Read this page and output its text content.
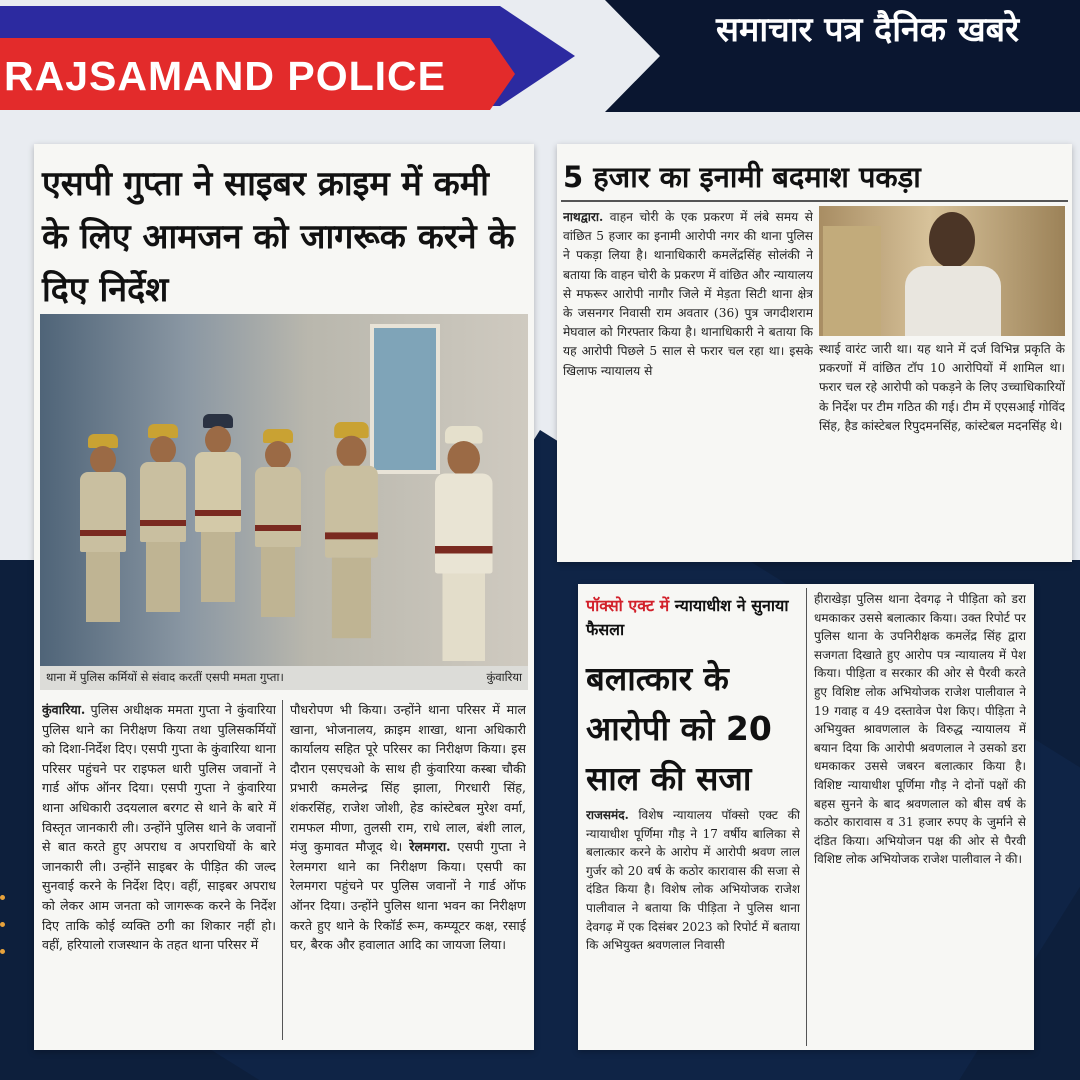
RAJSAMAND POLICE
समाचार पत्र दैनिक खबरे
एसपी गुप्ता ने साइबर क्राइम में कमी के लिए आमजन को जागरूक करने के दिए निर्देश
थाना में पुलिस कर्मियों से संवाद करतीं एसपी ममता गुप्ता।	कुंवारिया
कुंवारिया. पुलिस अधीक्षक ममता गुप्ता ने कुंवारिया पुलिस थाने का निरीक्षण किया तथा पुलिसकर्मियों को दिशा-निर्देश दिए। एसपी गुप्ता के कुंवारिया थाना परिसर पहुंचने पर राइफल धारी पुलिस जवानों ने गार्ड ऑफ ऑनर दिया। एसपी गुप्ता ने कुंवारिया थाना अधिकारी उदयलाल बरगट से थाने के बारे में विस्तृत जानकारी ली। उन्होंने पुलिस थाने के जवानों से बात करते हुए अपराध व अपराधियों के बारे जानकारी ली। उन्होंने साइबर के पीड़ित की जल्द सुनवाई करने के निर्देश दिए। वहीं, साइबर अपराध को लेकर आम जनता को जागरूक करने के निर्देश दिए ताकि कोई व्यक्ति ठगी का शिकार नहीं हो। वहीं, हरियालो राजस्थान के तहत थाना परिसर में
पौधरोपण भी किया। उन्होंने थाना परिसर में माल खाना, भोजनालय, क्राइम शाखा, थाना अधिकारी कार्यालय सहित पूरे परिसर का निरीक्षण किया। इस दौरान एसएचओ के साथ ही कुंवारिया कस्बा चौकी प्रभारी कमलेन्द्र सिंह झाला, गिरधारी सिंह, शंकरसिंह, राजेश जोशी, हेड कांस्टेबल मुरेश वर्मा, रामफल मीणा, तुलसी राम, राधे लाल, बंशी लाल, मंजु कुमावत मौजूद थे। रेलमगरा. एसपी गुप्ता ने रेलमगरा थाने का निरीक्षण किया। एसपी का रेलमगरा पहुंचने पर पुलिस जवानों ने गार्ड ऑफ ऑनर दिया। उन्होंने पुलिस थाना भवन का निरीक्षण करते हुए थाने के रिकॉर्ड रूम, कम्प्यूटर कक्ष, रसाई घर, बैरक और हवालात आदि का जायजा लिया।
5 हजार का इनामी बदमाश पकड़ा
नाथद्वारा. वाहन चोरी के एक प्रकरण में लंबे समय से वांछित 5 हजार का इनामी आरोपी नगर की थाना पुलिस ने पकड़ा लिया है। थानाधिकारी कमलेंद्रसिंह सोलंकी ने बताया कि वाहन चोरी के प्रकरण में वांछित और न्यायालय से मफरूर आरोपी नागौर जिले में मेड़ता सिटी थाना क्षेत्र के जसनगर निवासी राम अवतार (36) पुत्र जगदीशराम मेघवाल को गिरफ्तार किया है। थानाधिकारी ने बताया कि यह आरोपी पिछले 5 साल से फरार चल रहा था। इसके खिलाफ न्यायालय से
स्थाई वारंट जारी था। यह थाने में दर्ज विभिन्न प्रकृति के प्रकरणों में वांछित टॉप 10 आरोपियों में शामिल था। फरार चल रहे आरोपी को पकड़ने के लिए उच्चाधिकारियों के निर्देश पर टीम गठित की गई। टीम में एएसआई गोविंद सिंह, हैड कांस्टेबल रिपुदमनसिंह, कांस्टेबल मदनसिंह थे।
पॉक्सो एक्ट में न्यायाधीश ने सुनाया फैसला
बलात्कार के आरोपी को 20 साल की सजा
राजसमंद. विशेष न्यायालय पॉक्सो एक्ट की न्यायाधीश पूर्णिमा गौड़ ने 17 वर्षीय बालिका से बलात्कार करने के आरोप में आरोपी श्रवण लाल गुर्जर को 20 वर्ष के कठोर कारावास की सजा से दंडित किया है। विशेष लोक अभियोजक राजेश पालीवाल ने बताया कि पीड़िता ने पुलिस थाना देवगढ़ में एक दिसंबर 2023 को रिपोर्ट में बताया कि अभियुक्त श्रवणलाल निवासी
हीराखेड़ा पुलिस थाना देवगढ़ ने पीड़िता को डरा धमकाकर उससे बलात्कार किया। उक्त रिपोर्ट पर पुलिस थाना के उपनिरीक्षक कमलेंद्र सिंह द्वारा सजगता दिखाते हुए आरोप पत्र न्यायालय में पेश किया। पीड़िता व सरकार की ओर से पैरवी करते हुए विशिष्ट लोक अभियोजक राजेश पालीवाल ने 19 गवाह व 49 दस्तावेज पेश किए। पीड़िता ने अभियुक्त श्रावणलाल के विरुद्ध न्यायालय में बयान दिया कि आरोपी श्रवणलाल ने उसको डरा धमकाकर उससे जबरन बलात्कार किया है। विशिष्ट न्यायाधीश पूर्णिमा गौड़ ने दोनों पक्षों की बहस सुनने के बाद श्रवणलाल को बीस वर्ष के कठोर कारावास व 31 हजार रुपए के जुर्माने से दंडित किया। अभियोजन पक्ष की ओर से पैरवी विशिष्ट लोक अभियोजक राजेश पालीवाल ने की।
